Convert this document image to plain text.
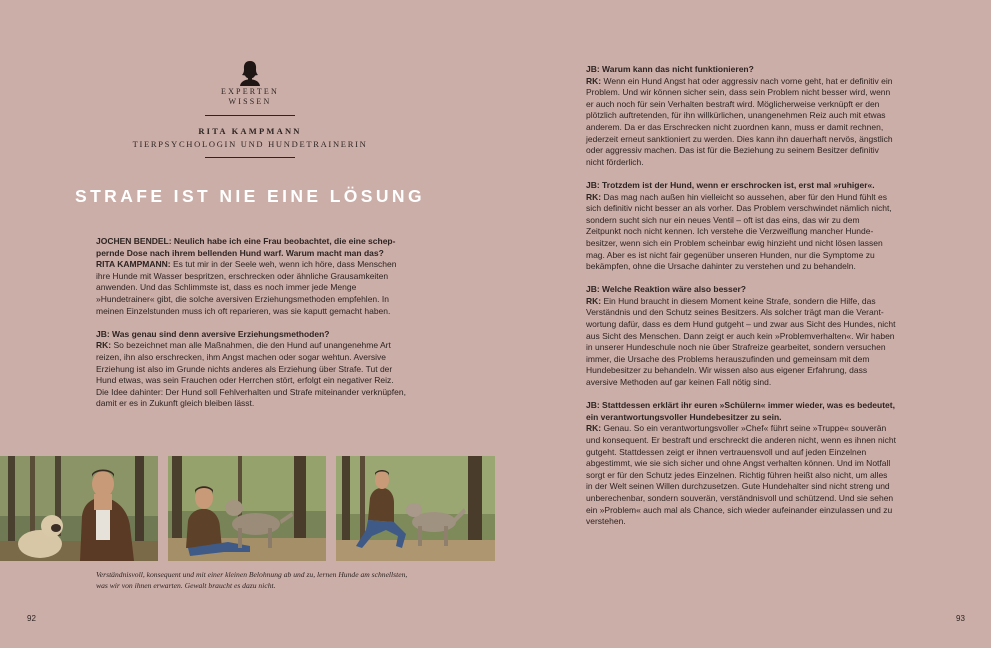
EXPERTEN
WISSEN
RITA KAMPMANN
TIERPSYCHOLOGIN UND HUNDETRAINERIN
STRAFE IST NIE EINE LÖSUNG

JOCHEN BENDEL: Neulich habe ich eine Frau beobachtet, die eine scheppernde Dose nach ihrem bellenden Hund warf. Warum macht man das?
RITA KAMPMANN: Es tut mir in der Seele weh, wenn ich höre, dass Menschen ihre Hunde mit Wasser bespritzen, erschrecken oder ähnliche Grausamkeiten anwenden. Und das Schlimmste ist, dass es noch immer jede Menge »Hundetrainer« gibt, die solche aversiven Erziehungsmethoden empfehlen. In meinen Einzelstunden muss ich oft reparieren, was sie kaputt gemacht haben.

JB: Was genau sind denn aversive Erziehungsmethoden?
RK: So bezeichnet man alle Maßnahmen, die den Hund auf unangenehme Art reizen, ihn also erschrecken, ihm Angst machen oder sogar wehtun. Aversive Erziehung ist also im Grunde nichts anderes als Erziehung über Strafe. Tut der Hund etwas, was sein Frauchen oder Herrchen stört, erfolgt ein negativer Reiz. Die Idee dahinter: Der Hund soll Fehlverhalten und Strafe miteinander verknüpfen, damit er es in Zukunft gleich bleiben lässt.

Verständnisvoll, konsequent und mit einer kleinen Belohnung ab und zu, lernen Hunde am schnellsten, was wir von ihnen erwarten. Gewalt braucht es dazu nicht.
92

JB: Warum kann das nicht funktionieren?
RK: Wenn ein Hund Angst hat oder aggressiv nach vorne geht, hat er definitiv ein Problem. Und wir können sicher sein, dass sein Problem nicht besser wird, wenn er auch noch für sein Verhalten bestraft wird. Möglicherweise verknüpft er den plötzlich auftretenden, für ihn willkürlichen, unangenehmen Reiz auch mit etwas anderem. Da er das Erschrecken nicht zuordnen kann, muss er damit rechnen, jederzeit erneut sanktioniert zu werden. Dies kann ihn dauerhaft nervös, ängstlich oder aggressiv machen. Das ist für die Beziehung zu seinem Besitzer definitiv nicht förderlich.

JB: Trotzdem ist der Hund, wenn er erschrocken ist, erst mal »ruhiger«.
RK: Das mag nach außen hin vielleicht so aussehen, aber für den Hund fühlt es sich definitiv nicht besser an als vorher. Das Problem verschwindet nämlich nicht, sondern sucht sich nur ein neues Ventil – oft ist das eins, das wir zu dem Zeitpunkt noch nicht kennen. Ich verstehe die Verzweiflung mancher Hundebesitzer, wenn sich ein Problem scheinbar ewig hinzieht und nicht lösen lassen mag. Aber es ist nicht fair gegenüber unseren Hunden, nur die Symptome zu bekämpfen, ohne die Ursache dahinter zu verstehen und zu behandeln.

JB: Welche Reaktion wäre also besser?
RK: Ein Hund braucht in diesem Moment keine Strafe, sondern die Hilfe, das Verständnis und den Schutz seines Besitzers. Als solcher trägt man die Verantwortung dafür, dass es dem Hund gutgeht – und zwar aus Sicht des Hundes, nicht aus Sicht des Menschen. Dann zeigt er auch kein »Problemverhalten«. Wir haben in unserer Hundeschule noch nie über Strafreize gearbeitet, sondern versuchen immer, die Ursache des Problems herauszufinden und gemeinsam mit dem Hundebesitzer zu behandeln. Wir wissen also aus eigener Erfahrung, dass aversive Methoden auf gar keinen Fall nötig sind.

JB: Stattdessen erklärt ihr euren »Schülern« immer wieder, was es bedeutet, ein verantwortungsvoller Hundebesitzer zu sein.
RK: Genau. So ein verantwortungsvoller »Chef« führt seine »Truppe« souverän und konsequent. Er bestraft und erschreckt die anderen nicht, wenn es ihnen nicht gutgeht. Stattdessen zeigt er ihnen vertrauensvoll und auf jeden Einzelnen abgestimmt, wie sie sich sicher und ohne Angst verhalten können. Und im Notfall sorgt er für den Schutz jedes Einzelnen. Richtig führen heißt also nicht, um alles in der Welt seinen Willen durchzusetzen. Gute Hundehalter sind nicht streng und unberechenbar, sondern souverän, verständnisvoll und schützend. Und sie sehen ein »Problem« auch mal als Chance, sich wieder aufeinander einzulassen und zu verstehen.

93
